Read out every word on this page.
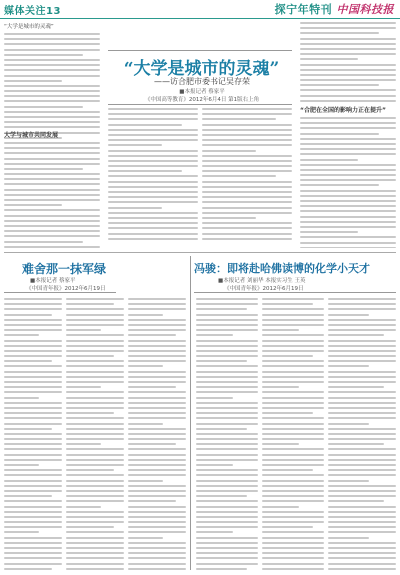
媒体关注13	探宁年特刊 中国科技报
“大学是城市的灵魂”
“大学是城市的灵魂”
——访合肥市委书记吴存荣
■本报记者 蔡家平
《中国高等教育》2012年6月4日 第1版右上角
“合肥在全国的影响力正在提升”
大学与城市共同发展
难舍那一抹军绿
■本报记者 蔡家平
《中国青年报》2012年6月19日
冯骏：即将赴哈佛读博的化学小天才
■本报记者 刘丽华 本报实习生 王英
《中国青年报》2012年6月19日
